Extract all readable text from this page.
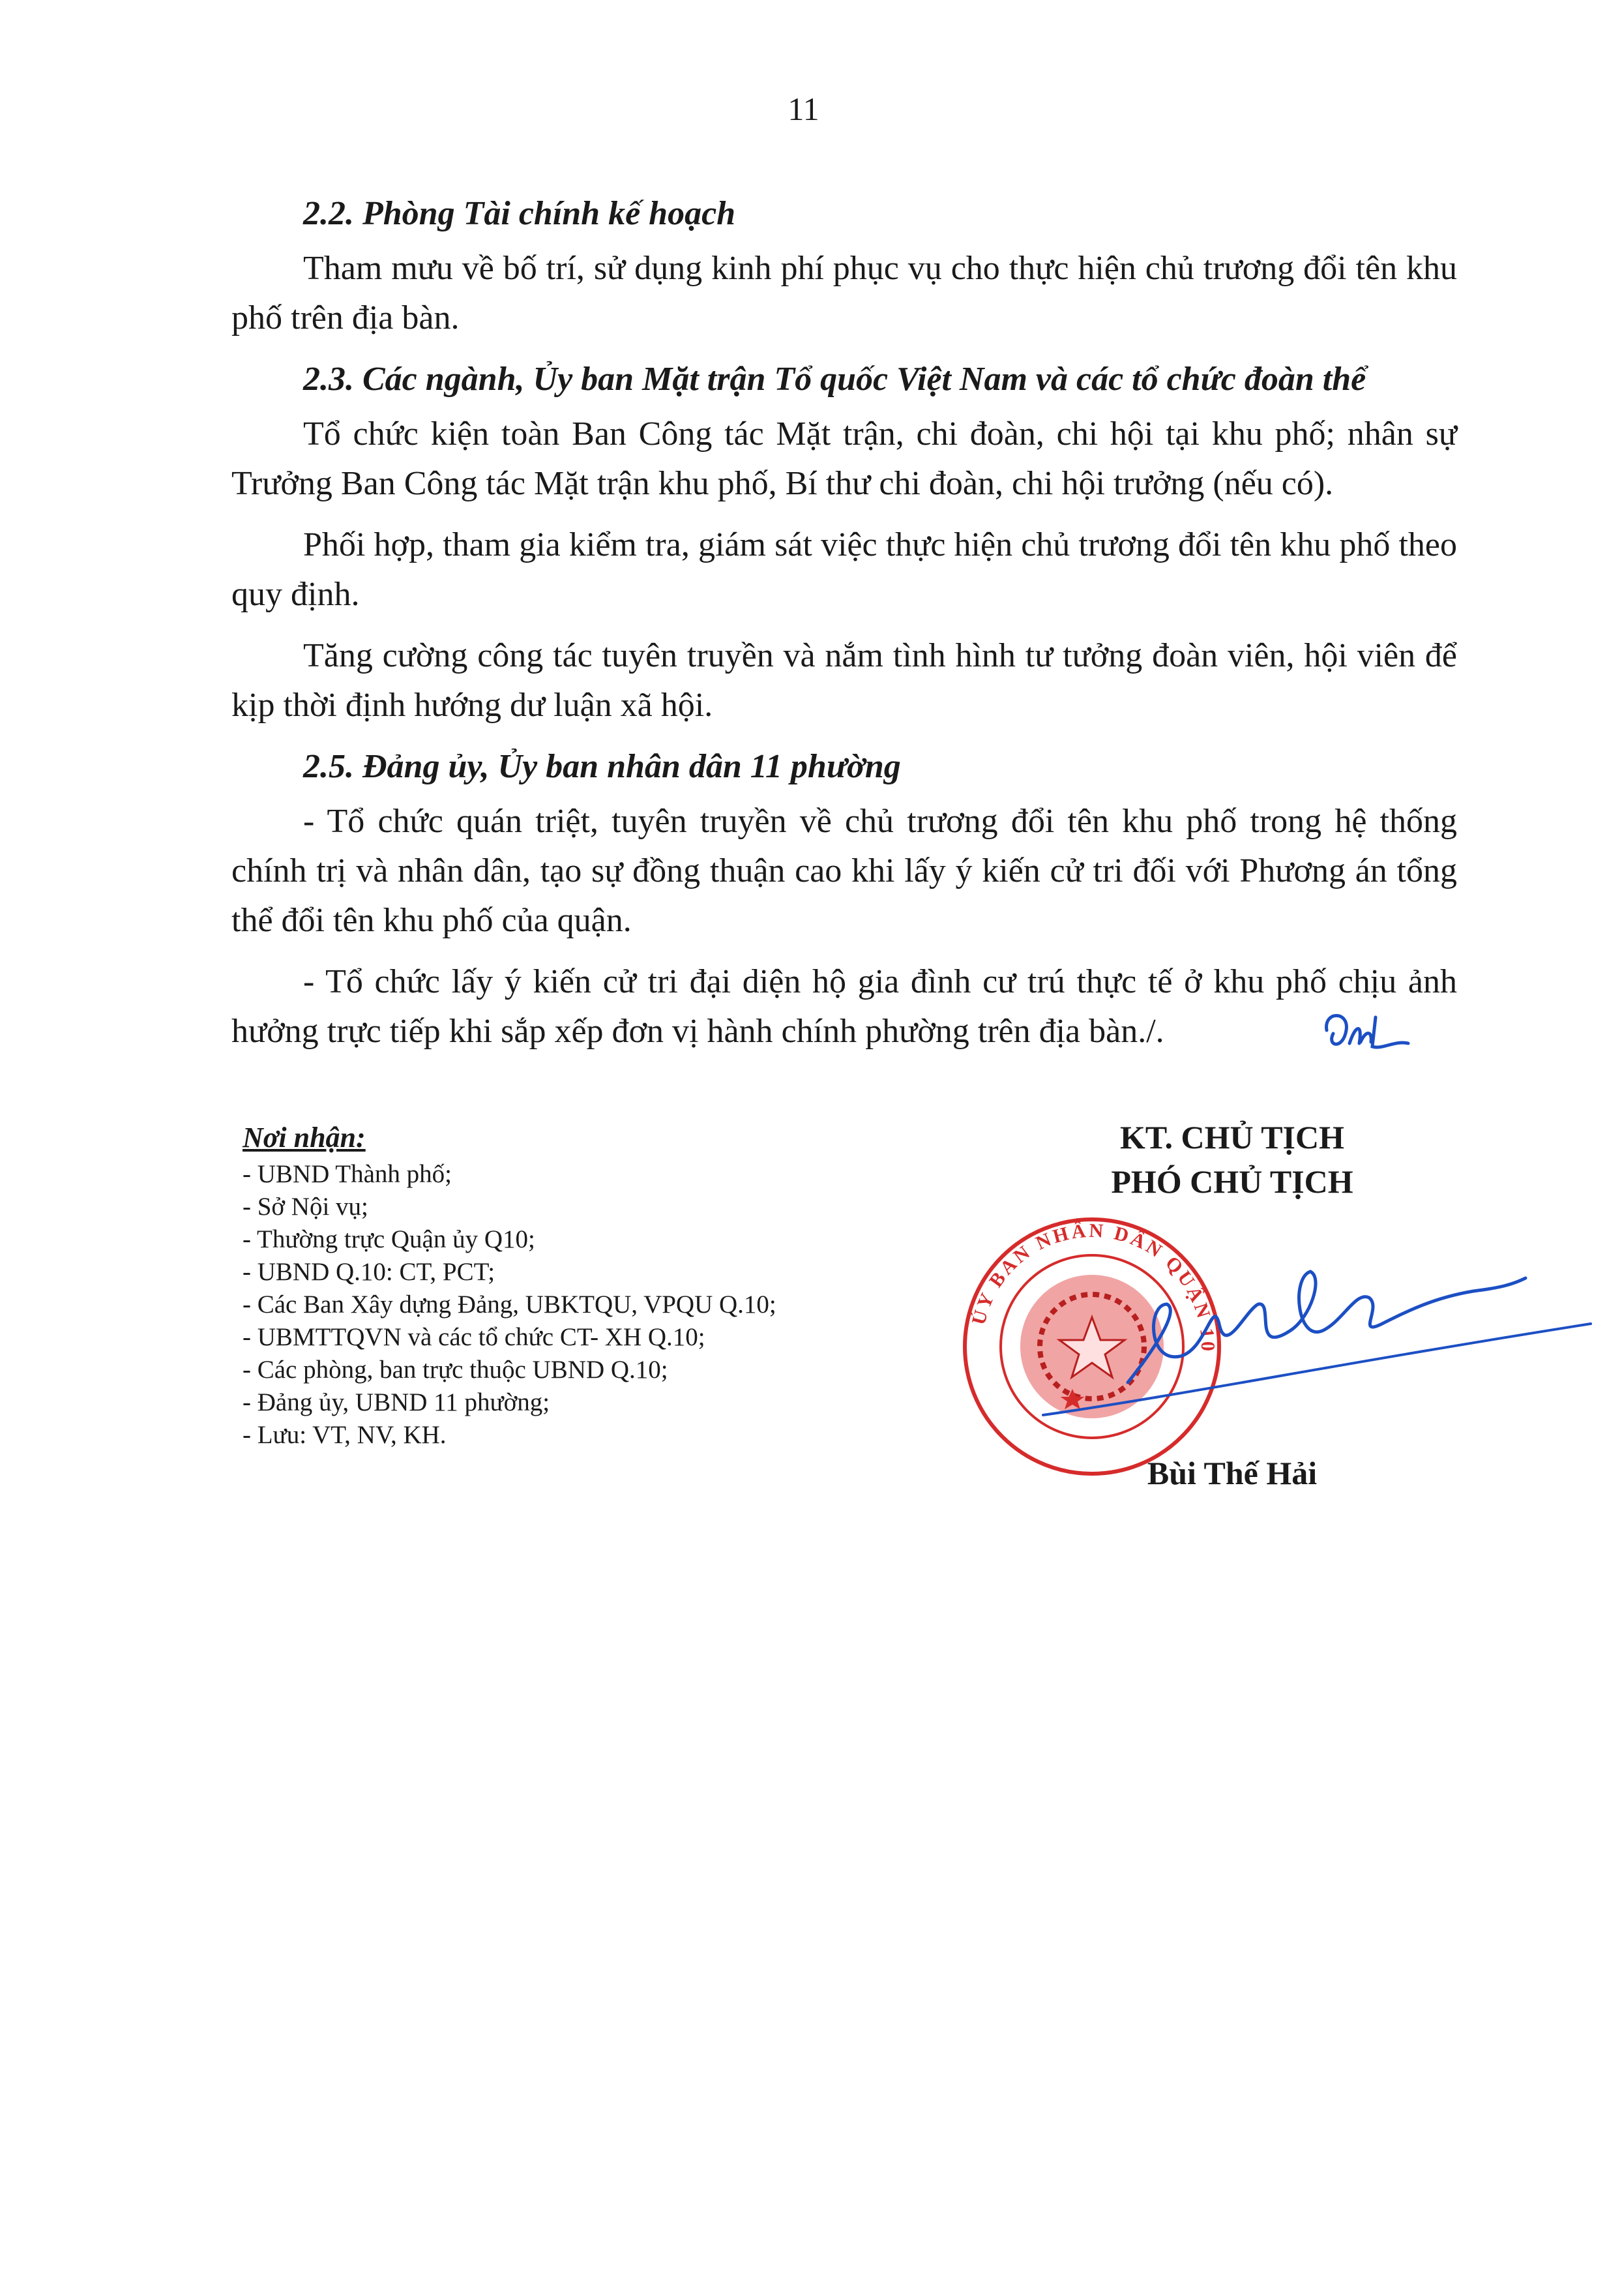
11
2.2. Phòng Tài chính kế hoạch
Tham mưu về bố trí, sử dụng kinh phí phục vụ cho thực hiện chủ trương đổi tên khu phố trên địa bàn.
2.3. Các ngành, Ủy ban Mặt trận Tổ quốc Việt Nam và các tổ chức đoàn thể
Tổ chức kiện toàn Ban Công tác Mặt trận, chi đoàn, chi hội tại khu phố; nhân sự Trưởng Ban Công tác Mặt trận khu phố, Bí thư chi đoàn, chi hội trưởng (nếu có).
Phối hợp, tham gia kiểm tra, giám sát việc thực hiện chủ trương đổi tên khu phố theo quy định.
Tăng cường công tác tuyên truyền và nắm tình hình tư tưởng đoàn viên, hội viên để kịp thời định hướng dư luận xã hội.
2.5. Đảng ủy, Ủy ban nhân dân 11 phường
- Tổ chức quán triệt, tuyên truyền về chủ trương đổi tên khu phố trong hệ thống chính trị và nhân dân, tạo sự đồng thuận cao khi lấy ý kiến cử tri đối với Phương án tổng thể đổi tên khu phố của quận.
- Tổ chức lấy ý kiến cử tri đại diện hộ gia đình cư trú thực tế ở khu phố chịu ảnh hưởng trực tiếp khi sắp xếp đơn vị hành chính phường trên địa bàn./.
Nơi nhận:
- UBND Thành phố;
- Sở Nội vụ;
- Thường trực Quận ủy Q10;
- UBND Q.10: CT, PCT;
- Các Ban Xây dựng Đảng, UBKTQU, VPQU Q.10;
- UBMTTQVN và các tổ chức CT- XH Q.10;
- Các phòng, ban trực thuộc UBND Q.10;
- Đảng ủy, UBND 11 phường;
- Lưu: VT, NV, KH.
KT. CHỦ TỊCH
PHÓ CHỦ TỊCH
ỦY BAN NHÂN DÂN QUẬN 10
Bùi Thế Hải
